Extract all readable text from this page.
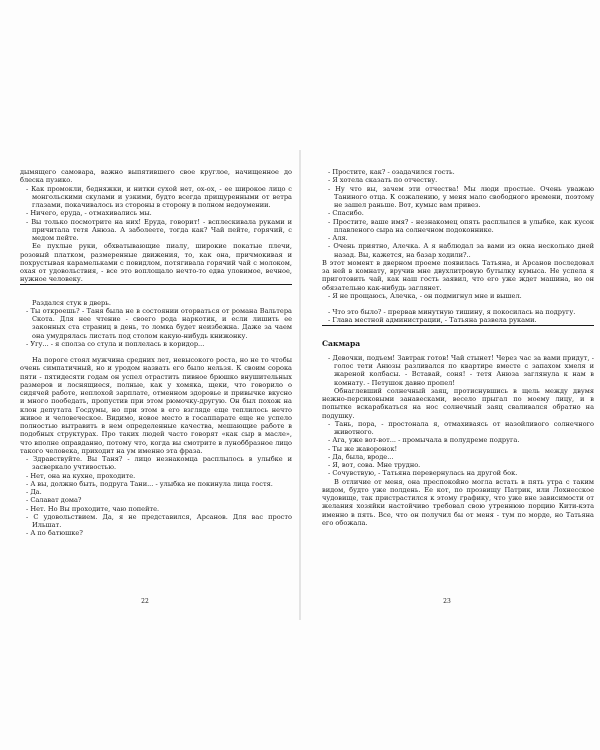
дымящего самовара, важно выпятившего свое круглое, начищенное до блеска пузико.

- Как промокли, бедняжки, и нитки сухой нет, ох-ох, - ее широкое лицо с монгольскими скулами и узкими, будто всегда прищуренными от ветра глазами, покачивалось из стороны в сторону в полном недоумении.

- Ничего, еруда, - отмахивались мы.

- Вы только посмотрите на них! Еруда, говорит! - всплескивала руками и причитала тетя Анюза. А заболеете, тогда как? Чай пейте, горячий, с медом пейте.

Ее пухлые руки, обхватывающие пиалу, широкие покатые плечи, розовый платком, размеренные движения, то, как она, причмокивая и похрустывая карамельками с повидлом, потягивала горячий чай с молоком, охая от удовольствия, - все это воплощало нечто-то едва уловимое, вечное, нужное человеку.

Раздался стук в дверь.

- Ты откроешь? - Таня была не в состоянии оторваться от романа Вальтера Скота. Для нее чтение - своего рода наркотик, и если лишить ее законных ста страниц в день, то ломка будет неизбежна. Даже за чаем она умудрялась листать под столом какую-нибудь книжонку.

- Угу... - я сполза со стула и поплелась в коридор...

На пороге стоял мужчина средних лет, невысокого роста, но не то чтобы очень симпатичный, но и уродом назвать его было нельзя. К своим сорока пяти - пятидесяти годам он успел отрастить пивное брюшко внушительных размеров и лоснящиеся, полные, как у хомяка, щеки, что говорило о сидячей работе, неплохой зарплате, отменном здоровье и привычке вкусно и много пообедать, пропустив при этом рюмочку-другую. Он был похож на клон депутата Госдумы, но при этом в его взгляде еще теплилось нечто живое и человеческое. Видимо, новое место в госаппарате еще не успело полностью вытравить в нем определенные качества, мешающие работе в подобных структурах. Про таких людей часто говорят «как сыр в масле», что вполне оправданно, потому что, когда вы смотрите в луноббразное лицо такого человека, приходит на ум именно эта фраза.

- Здравствуйте. Вы Таня? - лицо незнакомца расплылось в улыбке и засверкало учтивостью.

- Нет, она на кухне, проходите.

- А вы, должно быть, подруга Тани... - улыбка не покинула лица гостя.

- Да.

- Салават дома?

- Нет. Но Вы проходите, чаю попейте.

- С удовольствием. Да, я не представился, Арсанов. Для вас просто Ильшат.

- А по батюшке?

22

- Простите, как? - озадачился гость.

- Я хотела сказать по отчеству.

- Ну что вы, зачем эти отчества! Мы люди простые. Очень уважаю Таниного отца. К сожалению, у меня мало свободного времени, поэтому не зашел раньше. Вот, кумыс вам привез.

- Спасибо.

- Простите, ваше имя? - незнакомец опять расплылся в улыбке, как кусок плавленого сыра на солнечном подоконнике.

- Аля.

- Очень приятно, Алечка. А я наблюдал за вами из окна несколько дней назад. Вы, кажется, на базар ходили?..

В этот момент в дверном проеме появилась Татьяна, и Арсанов последовал за ней в комнату, вручив мне двухлитровую бутылку кумыса. Не успела я приготовить чай, как наш гость заявил, что его уже ждет машина, но он обязательно как-нибудь заглянет.

- Я не прощаюсь, Алечка, - он подмигнул мне и вышел.

- Что это было? - прервав минутную тишину, я покосилась на подругу.

- Глава местной администрации, - Татьяна развела руками.

Сакмара

- Девочки, подъем! Завтрак готов! Чай стынет! Через час за вами придут, - голос тети Анюзы разливался по квартире вместе с запахом хмеля и жареной колбасы. - Вставай, соня! - тетя Анюза заглянула к нам в комнату. - Петушок давно пропел!

Обнаглевший солнечный заяц, протиснувшись в щель между двумя нежно-персиковыми занавесками, весело прыгал по моему лицу, и в попытке вскарабкаться на нос солнечный заяц сваливался обратно на подушку.

- Тань, пора, - простонала я, отмахиваясь от назойливого солнечного животного.

- Ага, уже вот-вот... - промычала в полудреме подруга.

- Ты же жаворонок!

- Да, была, вроде...

- Я, вот, сова. Мне трудно.

- Сочувствую, - Татьяна перевернулась на другой бок.

В отличие от меня, она преспокойно могла встать в пять утра с таким видом, будто уже полдень. Ее кот, по прозвищу Патрик, или Лохнесское чудовище, так пристрастился к этому графику, что уже вне зависимости от желания хозяйки настойчиво требовал свою утреннюю порцию Кити-кэта именно в пять. Все, что он получил бы от меня - тум по морде, но Татьяна его обожала.

23
